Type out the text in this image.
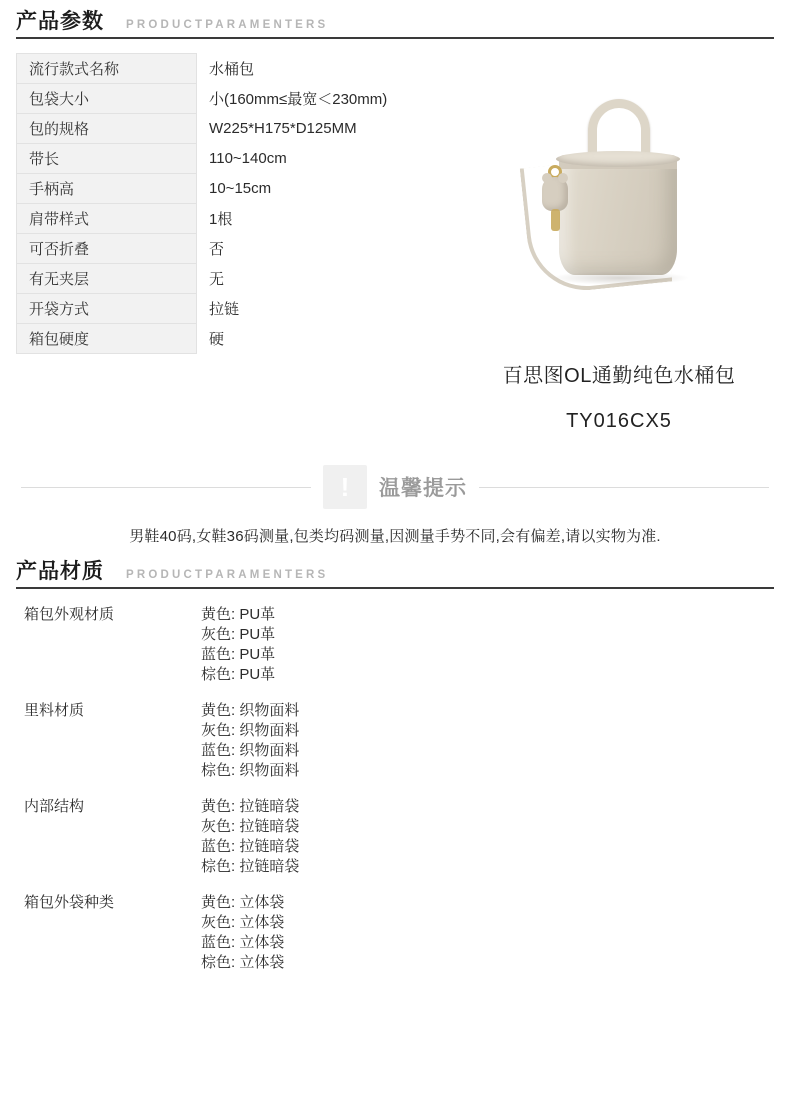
产品参数 PRODUCTPARAMENTERS
流行款式名称	水桶包
包袋大小	小(160mm≤最宽＜230mm)
包的规格	W225*H175*D125MM
带长	110~140cm
手柄高	10~15cm
肩带样式	1根
可否折叠	否
有无夹层	无
开袋方式	拉链
箱包硬度	硬
百思图OL通勤纯色水桶包
TY016CX5
!	温馨提示
男鞋40码,女鞋36码测量,包类均码测量,因测量手势不同,会有偏差,请以实物为准.
产品材质 PRODUCTPARAMENTERS
箱包外观材质	黄色: PU革
灰色: PU革
蓝色: PU革
棕色: PU革
里料材质	黄色: 织物面料
灰色: 织物面料
蓝色: 织物面料
棕色: 织物面料
内部结构	黄色: 拉链暗袋
灰色: 拉链暗袋
蓝色: 拉链暗袋
棕色: 拉链暗袋
箱包外袋种类	黄色: 立体袋
灰色: 立体袋
蓝色: 立体袋
棕色: 立体袋
